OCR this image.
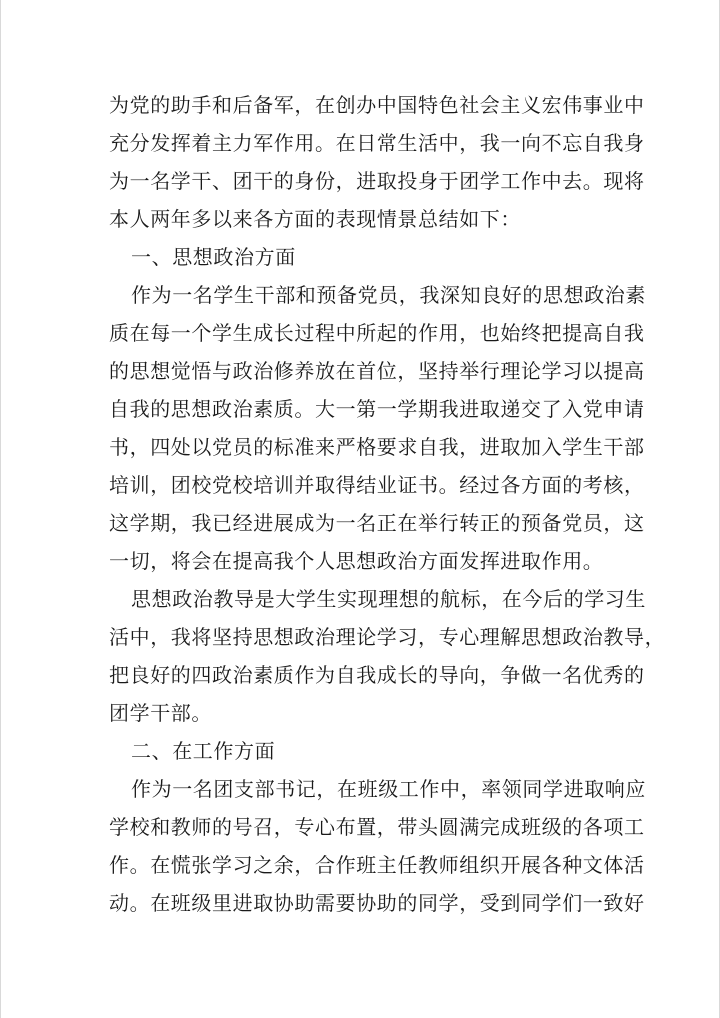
为党的助手和后备军，在创办中国特色社会主义宏伟事业中
充分发挥着主力军作用。在日常生活中，我一向不忘自我身
为一名学干、团干的身份，进取投身于团学工作中去。现将
本人两年多以来各方面的表现情景总结如下：
一、思想政治方面
作为一名学生干部和预备党员，我深知良好的思想政治素
质在每一个学生成长过程中所起的作用，也始终把提高自我
的思想觉悟与政治修养放在首位，坚持举行理论学习以提高
自我的思想政治素质。大一第一学期我进取递交了入党申请
书，四处以党员的标准来严格要求自我，进取加入学生干部
培训，团校党校培训并取得结业证书。经过各方面的考核，
这学期，我已经进展成为一名正在举行转正的预备党员，这
一切，将会在提高我个人思想政治方面发挥进取作用。
思想政治教导是大学生实现理想的航标，在今后的学习生
活中，我将坚持思想政治理论学习，专心理解思想政治教导，
把良好的四政治素质作为自我成长的导向，争做一名优秀的
团学干部。
二、在工作方面
作为一名团支部书记，在班级工作中，率领同学进取响应
学校和教师的号召，专心布置，带头圆满完成班级的各项工
作。在慌张学习之余，合作班主任教师组织开展各种文体活
动。在班级里进取协助需要协助的同学，受到同学们一致好
